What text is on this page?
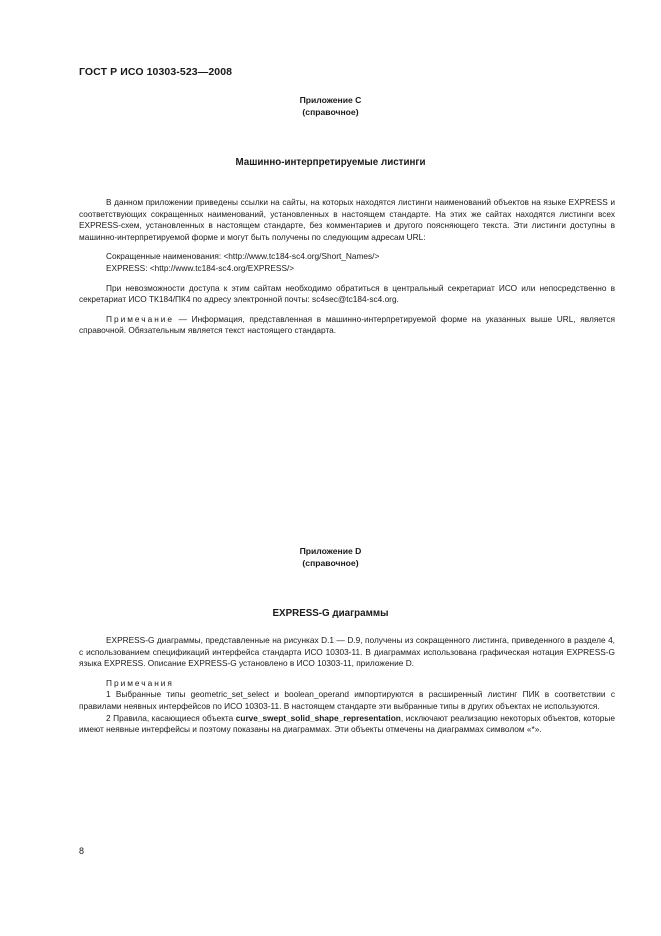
ГОСТ Р ИСО 10303-523—2008
Приложение C
(справочное)
Машинно-интерпретируемые листинги

В данном приложении приведены ссылки на сайты, на которых находятся листинги наименований объектов на языке EXPRESS и соответствующих сокращенных наименований, установленных в настоящем стандарте. На этих же сайтах находятся листинги всех EXPRESS-схем, установленных в настоящем стандарте, без комментариев и другого поясняющего текста. Эти листинги доступны в машинно-интерпретируемой форме и могут быть получены по следующим адресам URL:

Сокращенные наименования: <http://www.tc184-sc4.org/Short_Names/>

EXPRESS: <http://www.tc184-sc4.org/EXPRESS/>

При невозможности доступа к этим сайтам необходимо обратиться в центральный секретариат ИСО или непосредственно в секретариат ИСО ТК184/ПК4 по адресу электронной почты: sc4sec@tc184-sc4.org.

Примечание — Информация, представленная в машинно-интерпретируемой форме на указанных выше URL, является справочной. Обязательным является текст настоящего стандарта.

Приложение D
(справочное)
EXPRESS-G диаграммы

EXPRESS-G диаграммы, представленные на рисунках D.1 — D.9, получены из сокращенного листинга, приведенного в разделе 4, с использованием спецификаций интерфейса стандарта ИСО 10303-11. В диаграммах использована графическая нотация EXPRESS-G языка EXPRESS. Описание EXPRESS-G установлено в ИСО 10303-11, приложение D.

Примечания

1 Выбранные типы geometric_set_select и boolean_operand импортируются в расширенный листинг ПИК в соответствии с правилами неявных интерфейсов по ИСО 10303-11. В настоящем стандарте эти выбранные типы в других объектах не используются.

2 Правила, касающиеся объекта curve_swept_solid_shape_representation, исключают реализацию некоторых объектов, которые имеют неявные интерфейсы и поэтому показаны на диаграммах. Эти объекты отмечены на диаграммах символом «*».

8
